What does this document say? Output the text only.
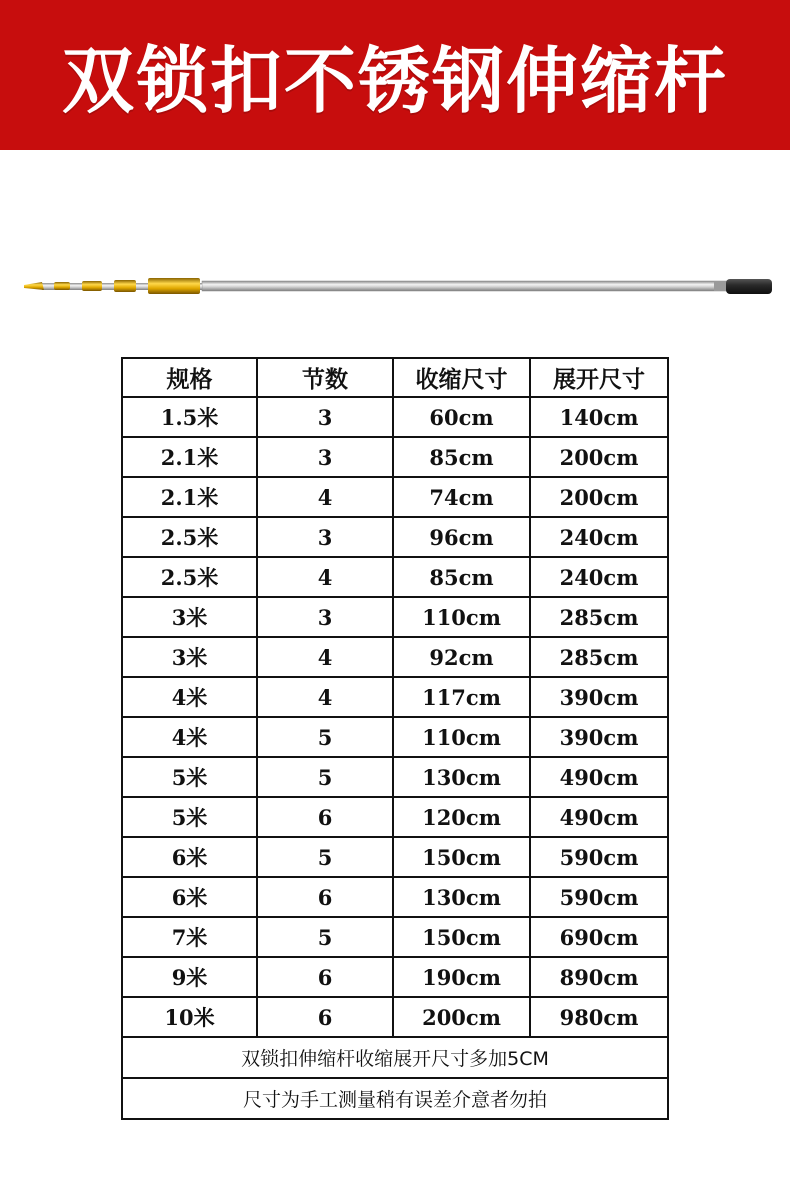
双锁扣不锈钢伸缩杆
规格	节数	收缩尺寸	展开尺寸
1.5米	3	60cm	140cm
2.1米	3	85cm	200cm
2.1米	4	74cm	200cm
2.5米	3	96cm	240cm
2.5米	4	85cm	240cm
3米	3	110cm	285cm
3米	4	92cm	285cm
4米	4	117cm	390cm
4米	5	110cm	390cm
5米	5	130cm	490cm
5米	6	120cm	490cm
6米	5	150cm	590cm
6米	6	130cm	590cm
7米	5	150cm	690cm
9米	6	190cm	890cm
10米	6	200cm	980cm
双锁扣伸缩杆收缩展开尺寸多加5CM			
尺寸为手工测量稍有误差介意者勿拍			
